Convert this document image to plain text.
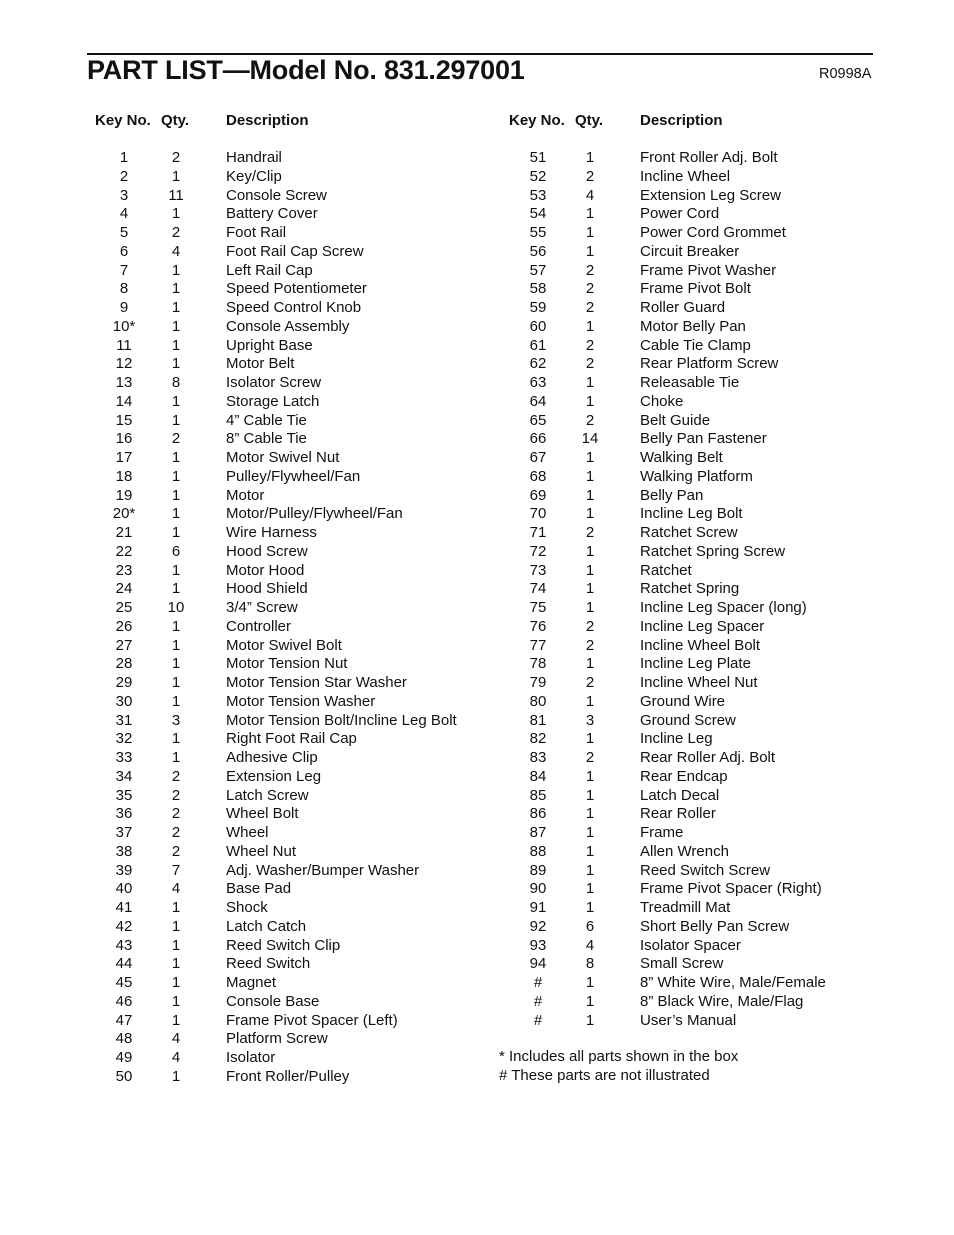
PART LIST—Model No. 831.297001	R0998A
Key No. Qty. Description
1	2	Handrail
2	1	Key/Clip
3	11	Console Screw
4	1	Battery Cover
5	2	Foot Rail
6	4	Foot Rail Cap Screw
7	1	Left Rail Cap
8	1	Speed Potentiometer
9	1	Speed Control Knob
10*	1	Console Assembly
11	1	Upright Base
12	1	Motor Belt
13	8	Isolator Screw
14	1	Storage Latch
15	1	4” Cable Tie
16	2	8” Cable Tie
17	1	Motor Swivel Nut
18	1	Pulley/Flywheel/Fan
19	1	Motor
20*	1	Motor/Pulley/Flywheel/Fan
21	1	Wire Harness
22	6	Hood Screw
23	1	Motor Hood
24	1	Hood Shield
25	10	3/4” Screw
26	1	Controller
27	1	Motor Swivel Bolt
28	1	Motor Tension Nut
29	1	Motor Tension Star Washer
30	1	Motor Tension Washer
31	3	Motor Tension Bolt/Incline Leg Bolt
32	1	Right Foot Rail Cap
33	1	Adhesive Clip
34	2	Extension Leg
35	2	Latch Screw
36	2	Wheel Bolt
37	2	Wheel
38	2	Wheel Nut
39	7	Adj. Washer/Bumper Washer
40	4	Base Pad
41	1	Shock
42	1	Latch Catch
43	1	Reed Switch Clip
44	1	Reed Switch
45	1	Magnet
46	1	Console Base
47	1	Frame Pivot Spacer (Left)
48	4	Platform Screw
49	4	Isolator
50	1	Front Roller/Pulley
Key No. Qty. Description
51	1	Front Roller Adj. Bolt
52	2	Incline Wheel
53	4	Extension Leg Screw
54	1	Power Cord
55	1	Power Cord Grommet
56	1	Circuit Breaker
57	2	Frame Pivot Washer
58	2	Frame Pivot Bolt
59	2	Roller Guard
60	1	Motor Belly Pan
61	2	Cable Tie Clamp
62	2	Rear Platform Screw
63	1	Releasable Tie
64	1	Choke
65	2	Belt Guide
66	14	Belly Pan Fastener
67	1	Walking Belt
68	1	Walking Platform
69	1	Belly Pan
70	1	Incline Leg Bolt
71	2	Ratchet Screw
72	1	Ratchet Spring Screw
73	1	Ratchet
74	1	Ratchet Spring
75	1	Incline Leg Spacer (long)
76	2	Incline Leg Spacer
77	2	Incline Wheel Bolt
78	1	Incline Leg Plate
79	2	Incline Wheel Nut
80	1	Ground Wire
81	3	Ground Screw
82	1	Incline Leg
83	2	Rear Roller Adj. Bolt
84	1	Rear Endcap
85	1	Latch Decal
86	1	Rear Roller
87	1	Frame
88	1	Allen Wrench
89	1	Reed Switch Screw
90	1	Frame Pivot Spacer (Right)
91	1	Treadmill Mat
92	6	Short Belly Pan Screw
93	4	Isolator Spacer
94	8	Small Screw
#	1	8” White Wire, Male/Female
#	1	8” Black Wire, Male/Flag
#	1	User’s Manual
* Includes all parts shown in the box
# These parts are not illustrated
